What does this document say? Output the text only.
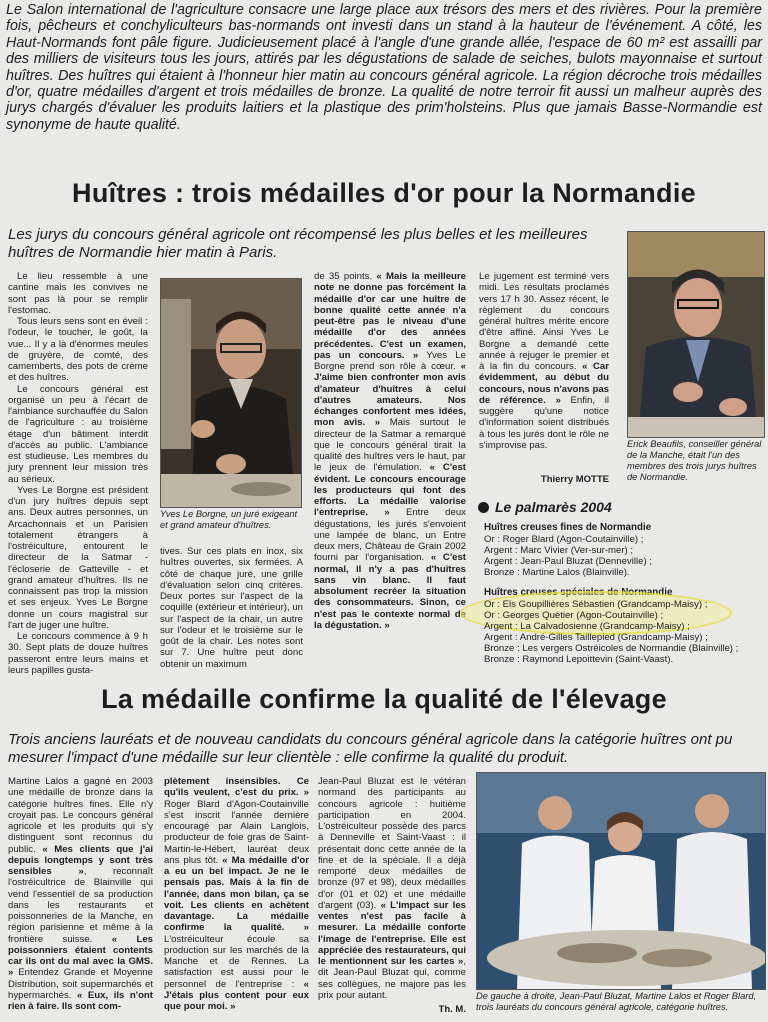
Le Salon international de l'agriculture consacre une large place aux trésors des mers et des rivières. Pour la première fois, pêcheurs et conchyliculteurs bas-normands ont investi dans un stand à la hauteur de l'événement. A côté, les Haut-Normands font pâle figure. Judicieusement placé à l'angle d'une grande allée, l'espace de 60 m² est assailli par des milliers de visiteurs tous les jours, attirés par les dégustations de salade de seiches, bulots mayonnaise et surtout huîtres. Des huîtres qui étaient à l'honneur hier matin au concours général agricole. La région décroche trois médailles d'or, quatre médailles d'argent et trois médailles de bronze. La qualité de notre terroir fit aussi un malheur auprès des jurys chargés d'évaluer les produits laitiers et la plastique des prim'holsteins. Plus que jamais Basse-Normandie est synonyme de haute qualité.
Huîtres : trois médailles d'or pour la Normandie
Les jurys du concours général agricole ont récompensé les plus belles et les meilleures huîtres de Normandie hier matin à Paris.

Le lieu ressemble à une cantine mais les convives ne sont pas là pour se remplir l'estomac.

Tous leurs sens sont en éveil : l'odeur, le toucher, le goût, la vue... Il y a là d'énormes meules de gruyère, de comté, des camemberts, des pots de crème et des huîtres.

Le concours général est organisé un peu à l'écart de l'ambiance surchauffée du Salon de l'agriculture : au troisième étage d'un bâtiment interdit d'accès au public. L'ambiance est studieuse. Les membres du jury prennent leur mission très au sérieux.

Yves Le Borgne est président d'un jury huîtres depuis sept ans. Deux autres personnes, un Arcachonnais et un Parisien totalement étrangers à l'ostréiculture, entourent le directeur de la Satmar - l'écloserie de Gatteville - et grand amateur d'huîtres. Ils ne connaissent pas trop la mission et ses enjeux. Yves Le Borgne donne un cours magistral sur l'art de juger une huître.

Le concours commence à 9 h 30. Sept plats de douze huîtres passeront entre leurs mains et leurs papilles gusta-

Yves Le Borgne, un juré exigeant et grand amateur d'huîtres.
tives. Sur ces plats en inox, six huîtres ouvertes, six fermées. A côté de chaque juré, une grille d'évaluation selon cinq critères. Deux portes sur l'aspect de la coquille (extérieur et intérieur), un sur l'aspect de la chair, un autre sur l'odeur et le troisième sur le goût de la chair. Les notes sont sur 7. Une huître peut donc obtenir un maximum
de 35 points. « Mais la meilleure note ne donne pas forcément la médaille d'or car une huître de bonne qualité cette année n'a peut-être pas le niveau d'une médaille d'or des années précédentes. C'est un examen, pas un concours. » Yves Le Borgne prend son rôle à cœur. « J'aime bien confronter mon avis d'amateur d'huîtres à celui d'autres amateurs. Nos échanges confortent mes idées, mon avis. » Mais surtout le directeur de la Satmar a remarqué que le concours général tirait la qualité des huîtres vers le haut, par le jeux de l'émulation. « C'est évident. Le concours encourage les producteurs qui font des efforts. La médaille valorise l'entreprise. » Entre deux dégustations, les jurés s'envoient une lampée de blanc, un Entre deux mers, Château de Grain 2002 fourni par l'organisation. « C'est normal, il n'y a pas d'huîtres sans vin blanc. Il faut absolument recréer la situation des consommateurs. Sinon, ce n'est pas le contexte normal de la dégustation. »
Le jugement est terminé vers midi. Les résultats proclamés vers 17 h 30. Assez récent, le règlement du concours général huîtres mérite encore d'être affiné. Ainsi Yves Le Borgne a demandé cette année à rejuger le premier et à la fin du concours. « Car évidemment, au début du concours, nous n'avons pas de référence. » Enfin, il suggère qu'une notice d'information soient distribués à tous les jurés dont le rôle ne s'improvise pas.
Thierry MOTTE
Erick Beaufils, conseiller général de la Manche, était l'un des membres des trois jurys huîtres de Normandie.
Le palmarès 2004
Huîtres creuses fines de Normandie
Or : Roger Blard (Agon-Coutainville) ;
Argent : Marc Vivier (Ver-sur-mer) ;
Argent : Jean-Paul Bluzat (Denneville) ;
Bronze : Martine Lalos (Blainville).
Huîtres creuses spéciales de Normandie
Or : Els Goupillières Sébastien (Grandcamp-Maisy) ;
Or : Georges Quétier (Agon-Coutainville) ;
Argent : La Calvadosienne (Grandcamp-Maisy) ;
Argent : André-Gilles Taillepied (Grandcamp-Maisy) ;
Bronze : Les vergers Ostréicoles de Normandie (Blainville) ;
Bronze : Raymond Lepoittevin (Saint-Vaast).
La médaille confirme la qualité de l'élevage
Trois anciens lauréats et de nouveau candidats du concours général agricole dans la catégorie huîtres ont pu mesurer l'impact d'une médaille sur leur clientèle : elle confirme la qualité du produit.
Martine Lalos a gagné en 2003 une médaille de bronze dans la catégorie huîtres fines. Elle n'y croyait pas. Le concours général agricole et les produits qui s'y distinguent sont reconnus du public. « Mes clients que j'ai depuis longtemps y sont très sensibles », reconnaît l'ostréicultrice de Blainville qui vend l'essentiel de sa production dans les restaurants et poissonneries de la Manche, en région parisienne et même à la frontière suisse. « Les poissonniers étaient contents car ils ont du mal avec la GMS. » Entendez Grande et Moyenne Distribution, soit supermarchés et hypermarchés. « Eux, ils n'ont rien à faire. Ils sont com-
plètement insensibles. Ce qu'ils veulent, c'est du prix. » Roger Blard d'Agon-Coutainville s'est inscrit l'année dernière encouragé par Alain Langlois, producteur de foie gras de Saint-Martin-le-Hébert, lauréat deux ans plus tôt. « Ma médaille d'or a eu un bel impact. Je ne le pensais pas. Mais à la fin de l'année, dans mon bilan, ça se voit. Les clients en achètent davantage. La médaille confirme la qualité. » L'ostréiculteur écoule sa production sur les marchés de la Manche et de Rennes. La satisfaction est aussi pour le personnel de l'entreprise : « J'étais plus content pour eux que pour moi. »
Jean-Paul Bluzat est le vétéran normand des participants au concours agricole : huitième participation en 2004. L'ostréiculteur possède des parcs à Denneville et Saint-Vaast : il présentait donc cette année de la fine et de la spéciale. Il a déjà remporté deux médailles de bronze (97 et 98), deux médailles d'or (01 et 02) et une médaille d'argent (03). « L'impact sur les ventes n'est pas facile à mesurer. La médaille conforte l'image de l'entreprise. Elle est appréciée des restaurateurs, qui le mentionnent sur les cartes », dit Jean-Paul Bluzat qui, comme ses collègues, ne majore pas les prix pour autant.
Th. M.
De gauche à droite, Jean-Paul Bluzat, Martine Lalos et Roger Blard, trois lauréats du concours général agricole, catégorie huîtres.
